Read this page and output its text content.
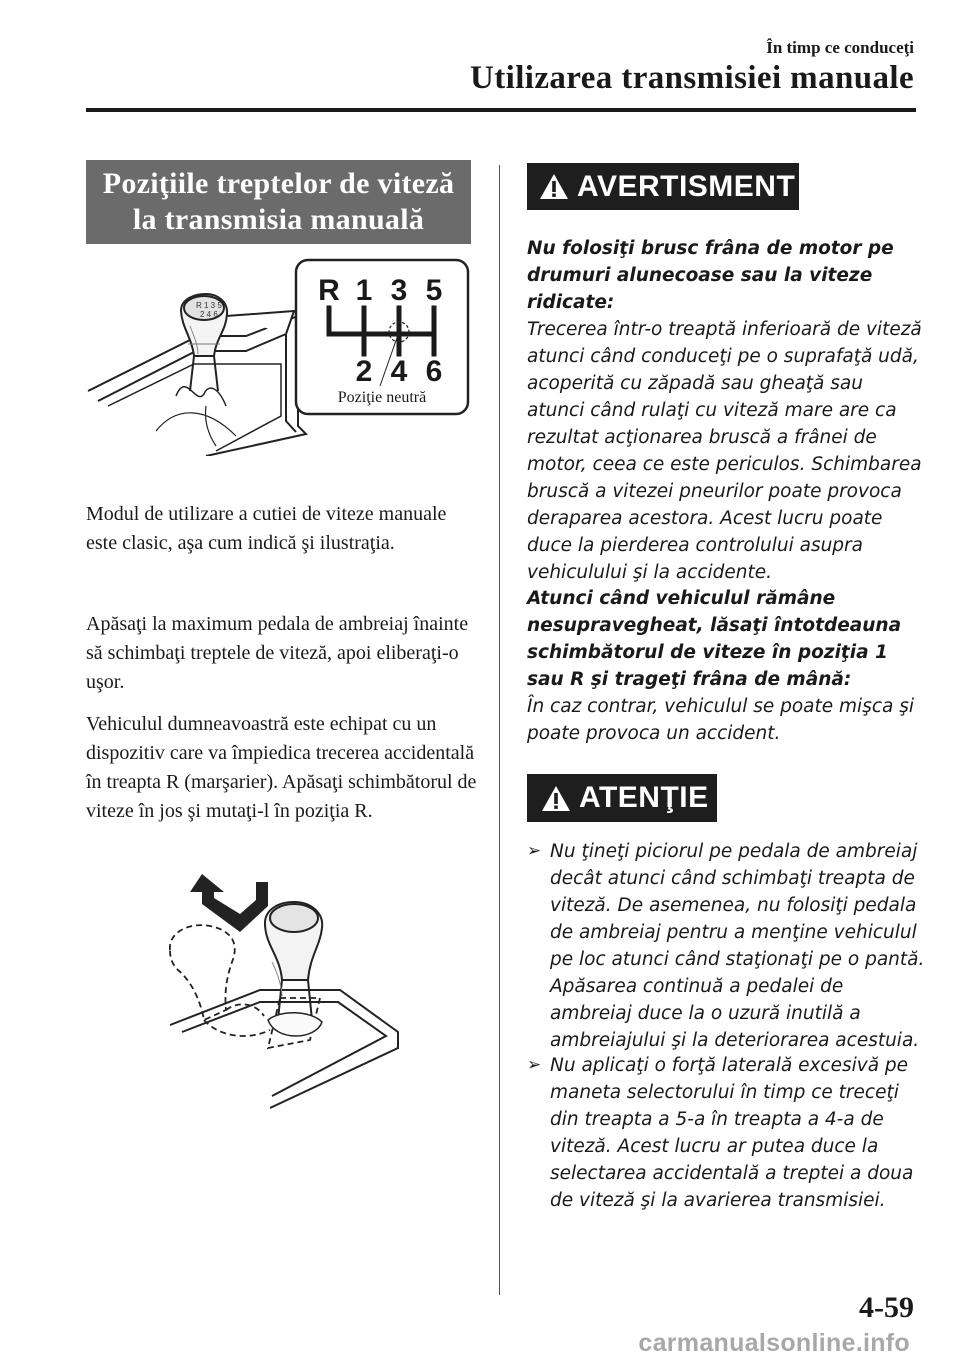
În timp ce conduceţi
Utilizarea transmisiei manuale
Poziţiile treptelor de viteză
la transmisia manuală
R 1 3 5
2 4 6
R 1 3 5
2 4 6
Poziţie neutră
Modul de utilizare a cutiei de viteze manuale este clasic, aşa cum indică şi ilustraţia.
Apăsaţi la maximum pedala de ambreiaj înainte să schimbaţi treptele de viteză, apoi eliberaţi-o uşor.
Vehiculul dumneavoastră este echipat cu un dispozitiv care va împiedica trecerea accidentală în treapta R (marşarier). Apăsaţi schimbătorul de viteze în jos şi mutaţi-l în poziţia R.
AVERTISMENT
Nu folosiţi brusc frâna de motor pe drumuri alunecoase sau la viteze ridicate:
Trecerea într-o treaptă inferioară de viteză atunci când conduceţi pe o suprafaţă udă, acoperită cu zăpadă sau gheaţă sau atunci când rulaţi cu viteză mare are ca rezultat acţionarea bruscă a frânei de motor, ceea ce este periculos. Schimbarea bruscă a vitezei pneurilor poate provoca deraparea acestora. Acest lucru poate duce la pierderea controlului asupra vehiculului şi la accidente.
Atunci când vehiculul rămâne nesupravegheat, lăsaţi întotdeauna schimbătorul de viteze în poziţia 1 sau R şi trageţi frâna de mână:
În caz contrar, vehiculul se poate mişca şi poate provoca un accident.
ATENŢIE
➢ Nu ţineţi piciorul pe pedala de ambreiaj decât atunci când schimbaţi treapta de viteză. De asemenea, nu folosiţi pedala de ambreiaj pentru a menţine vehiculul pe loc atunci când staţionaţi pe o pantă. Apăsarea continuă a pedalei de ambreiaj duce la o uzură inutilă a ambreiajului şi la deteriorarea acestuia.
➢ Nu aplicaţi o forţă laterală excesivă pe maneta selectorului în timp ce treceţi din treapta a 5-a în treapta a 4-a de viteză. Acest lucru ar putea duce la selectarea accidentală a treptei a doua de viteză şi la avarierea transmisiei.
4-59
carmanualsonline.info
